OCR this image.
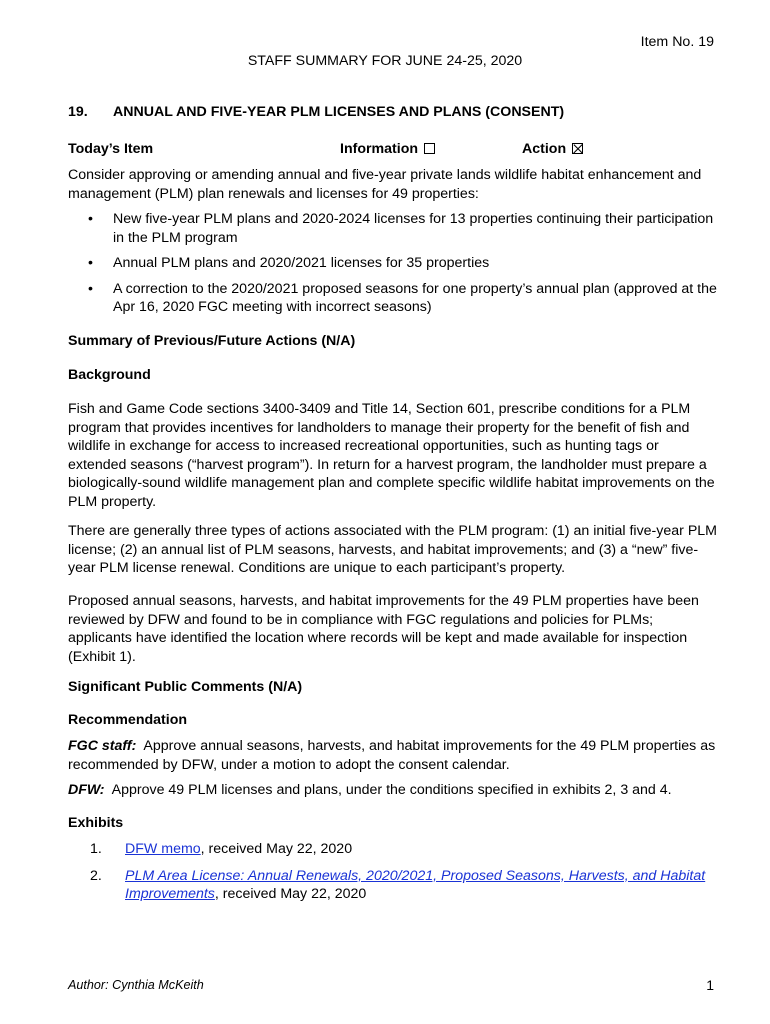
Item No. 19
STAFF SUMMARY FOR JUNE 24-25, 2020
19. ANNUAL AND FIVE-YEAR PLM LICENSES AND PLANS (CONSENT)
Today’s Item	Information	Action

Consider approving or amending annual and five-year private lands wildlife habitat enhancement and management (PLM) plan renewals and licenses for 49 properties:

• New five-year PLM plans and 2020-2024 licenses for 13 properties continuing their participation in the PLM program
• Annual PLM plans and 2020/2021 licenses for 35 properties
• A correction to the 2020/2021 proposed seasons for one property’s annual plan (approved at the Apr 16, 2020 FGC meeting with incorrect seasons)
Summary of Previous/Future Actions (N/A)
Background

Fish and Game Code sections 3400-3409 and Title 14, Section 601, prescribe conditions for a PLM program that provides incentives for landholders to manage their property for the benefit of fish and wildlife in exchange for access to increased recreational opportunities, such as hunting tags or extended seasons (“harvest program”). In return for a harvest program, the landholder must prepare a biologically-sound wildlife management plan and complete specific wildlife habitat improvements on the PLM property.

There are generally three types of actions associated with the PLM program: (1) an initial five-year PLM license; (2) an annual list of PLM seasons, harvests, and habitat improvements; and (3) a “new” five-year PLM license renewal. Conditions are unique to each participant’s property.

Proposed annual seasons, harvests, and habitat improvements for the 49 PLM properties have been reviewed by DFW and found to be in compliance with FGC regulations and policies for PLMs; applicants have identified the location where records will be kept and made available for inspection (Exhibit 1).

Significant Public Comments (N/A)
Recommendation
FGC staff: Approve annual seasons, harvests, and habitat improvements for the 49 PLM properties as recommended by DFW, under a motion to adopt the consent calendar.
DFW: Approve 49 PLM licenses and plans, under the conditions specified in exhibits 2, 3 and 4.
Exhibits
1. DFW memo, received May 22, 2020
2. PLM Area License: Annual Renewals, 2020/2021, Proposed Seasons, Harvests, and Habitat Improvements, received May 22, 2020
Author: Cynthia McKeith	1
